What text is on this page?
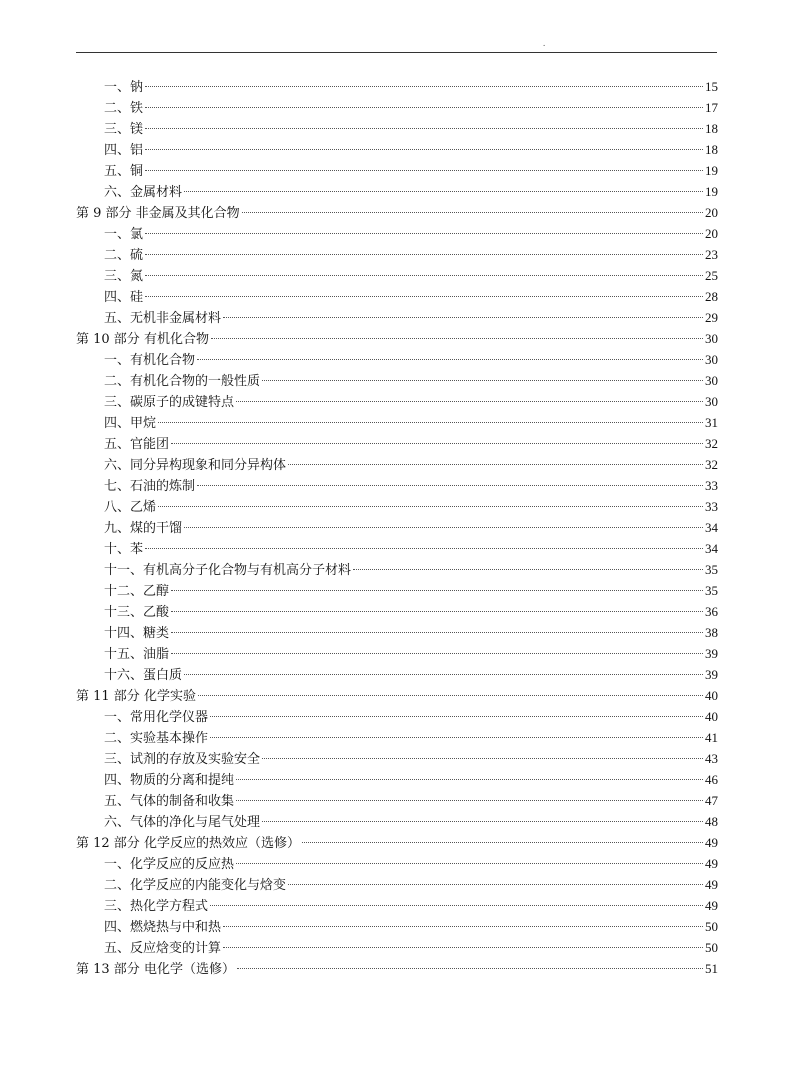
.
一、钠	15
二、铁	17
三、镁	18
四、铝	18
五、铜	19
六、金属材料	19
第 9 部分 非金属及其化合物	20
一、氯	20
二、硫	23
三、氮	25
四、硅	28
五、无机非金属材料	29
第 10 部分 有机化合物	30
一、有机化合物	30
二、有机化合物的一般性质	30
三、碳原子的成键特点	30
四、甲烷	31
五、官能团	32
六、同分异构现象和同分异构体	32
七、石油的炼制	33
八、乙烯	33
九、煤的干馏	34
十、苯	34
十一、有机高分子化合物与有机高分子材料	35
十二、乙醇	35
十三、乙酸	36
十四、糖类	38
十五、油脂	39
十六、蛋白质	39
第 11 部分 化学实验	40
一、常用化学仪器	40
二、实验基本操作	41
三、试剂的存放及实验安全	43
四、物质的分离和提纯	46
五、气体的制备和收集	47
六、气体的净化与尾气处理	48
第 12 部分 化学反应的热效应（选修）	49
一、化学反应的反应热	49
二、化学反应的内能变化与焓变	49
三、热化学方程式	49
四、燃烧热与中和热	50
五、反应焓变的计算	50
第 13 部分 电化学（选修）	51
